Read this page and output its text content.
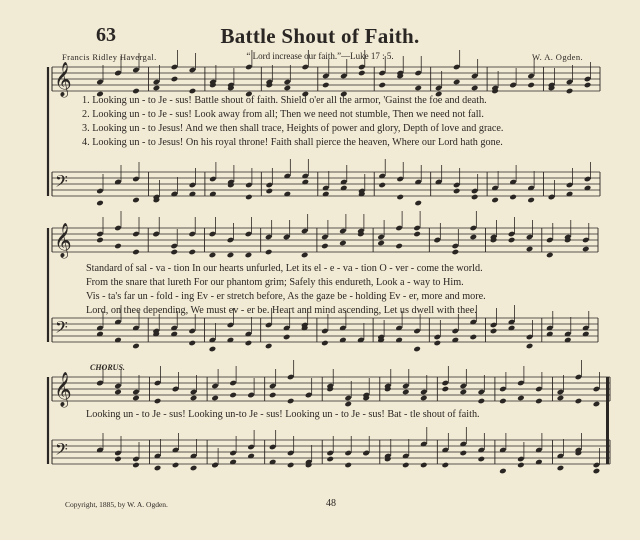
63	Battle Shout of Faith.
Francis Ridley Havergal.	“ Lord increase our faith.”—Luke 17 : 5.	W. A. Ogden.
𝄞
𝄢
𝄞
𝄢
𝄞
𝄢
1. Looking un - to Je - sus! Battle shout of faith. Shield o'er all the armor, 'Gainst the foe and death.
2. Looking un - to Je - sus! Look away from all; Then we need not stumble, Then we need not fall.
3. Looking un - to Jesus! And we then shall trace, Heights of power and glory, Depth of love and grace.
4. Looking un - to Jesus! On his royal throne! Faith shall pierce the heaven, Where our Lord hath gone.
Standard of sal - va - tion In our hearts unfurled, Let its el - e - va - tion O - ver - come the world.
From the snare that lureth For our phantom grim; Safely this endureth, Look a - way to Him.
Vis - ta's far un - fold - ing Ev - er stretch before, As the gaze be - holding Ev - er, more and more.
Lord, on thee depending, We must ev - er be. Heart and mind ascending, Let us dwell with thee.
CHORUS.
Looking un - to Je - sus! Looking un-to Je - sus! Looking un - to Je - sus! Bat - tle shout of faith.
Copyright, 1885, by W. A. Ogden.	48
